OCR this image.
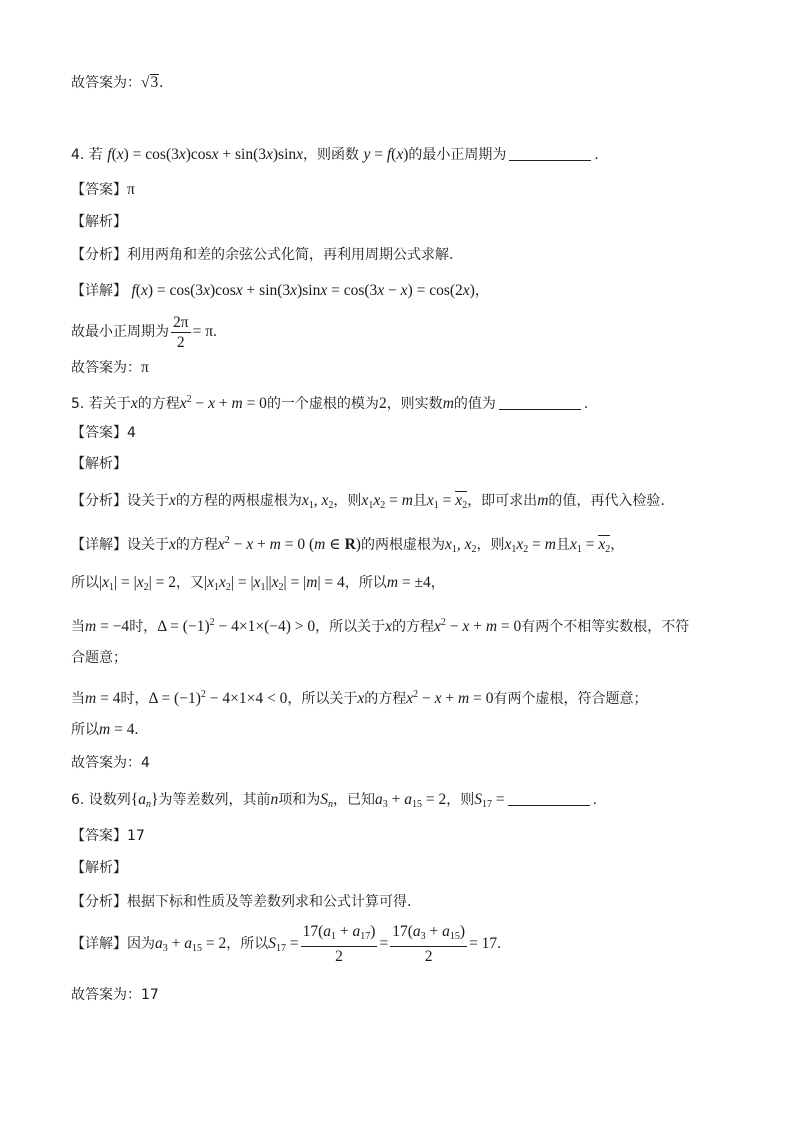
故答案为：√3.
4. 若 f(x) = cos(3x)cosx + sin(3x)sinx，则函数 y = f(x)的最小正周期为	.
【答案】π
【解析】
【分析】利用两角和差的余弦公式化简，再利用周期公式求解.
【详解】 f(x) = cos(3x)cosx + sin(3x)sinx = cos(3x − x) = cos(2x)，
故最小正周期为 $\frac{2\pi}{2} = \pi$.
故答案为：π
5. 若关于x的方程$x^2 - x + m = 0$的一个虚根的模为2，则实数m的值为	.
【答案】4
【解析】
【分析】设关于x的方程的两根虚根为$x_1$, $x_2$，则$x_1x_2 = m$且$x_1 = x_2$，即可求出m的值，再代入检验.
【详解】设关于x的方程$x^2 - x + m = 0$ (m ∈ R)的两根虚根为$x_1$, $x_2$，则$x_1x_2 = m$且$x_1 = x_2$，
所以$|x_1| = |x_2| = 2$，又$|x_1x_2| = |x_1||x_2| = |m| = 4$，所以m = ±4，
当m = −4时，$\Delta = (-1)^2 - 4\times 1\times(-4) > 0$，所以关于x的方程$x^2 - x + m = 0$有两个不相等实数根，不符
合题意；
当m = 4时，$\Delta = (-1)^2 - 4\times 1\times 4 < 0$，所以关于x的方程$x^2 - x + m = 0$有两个虚根，符合题意；
所以m = 4.
故答案为：4
6. 设数列$\{a_n\}$为等差数列，其前n项和为$S_n$，已知$a_3 + a_{15} = 2$，则$S_{17}$ =	.
【答案】17
【解析】
【分析】根据下标和性质及等差数列求和公式计算可得.
【详解】因为$a_3 + a_{15} = 2$，所以$S_{17} = \frac{17(a_1 + a_{17})}{2} = \frac{17(a_3 + a_{15})}{2} = 17$.
故答案为：17
